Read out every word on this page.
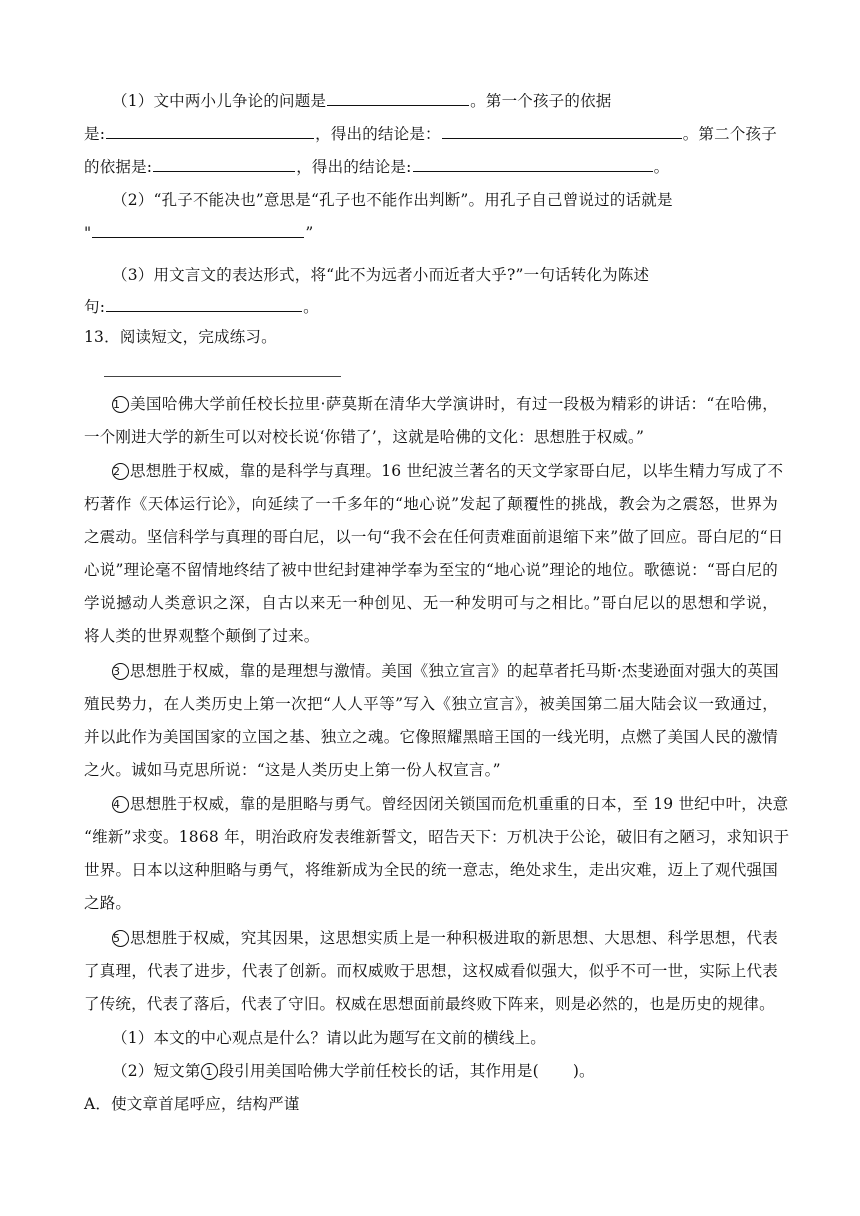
（1）文中两小儿争论的问题是	。第一个孩子的依据
是:	，得出的结论是：	。第二个孩子
的依据是:	，得出的结论是:	。
（2）“孔子不能决也”意思是“孔子也不能作出判断”。用孔子自己曾说过的话就是
"	”
（3）用文言文的表达形式，将“此不为远者小而近者大乎?”一句话转化为陈述
句:	。
13．阅读短文，完成练习。
1 美国哈佛大学前任校长拉里·萨莫斯在清华大学演讲时，有过一段极为精彩的讲话：“在哈佛，
一个刚进大学的新生可以对校长说‘你错了’，这就是哈佛的文化：思想胜于权威。”
2 思想胜于权威，靠的是科学与真理。16 世纪波兰著名的天文学家哥白尼，以毕生精力写成了不
朽著作《天体运行论》，向延续了一千多年的“地心说”发起了颠覆性的挑战，教会为之震怒，世界为
之震动。坚信科学与真理的哥白尼，以一句“我不会在任何责难面前退缩下来”做了回应。哥白尼的“日
心说”理论毫不留情地终结了被中世纪封建神学奉为至宝的“地心说”理论的地位。歌德说：“哥白尼的
学说撼动人类意识之深，自古以来无一种创见、无一种发明可与之相比。”哥白尼以的思想和学说，
将人类的世界观整个颠倒了过来。
3 思想胜于权威，靠的是理想与激情。美国《独立宣言》的起草者托马斯·杰斐逊面对强大的英国
殖民势力，在人类历史上第一次把“人人平等”写入《独立宣言》，被美国第二届大陆会议一致通过，
并以此作为美国国家的立国之基、独立之魂。它像照耀黑暗王国的一线光明，点燃了美国人民的激情
之火。诚如马克思所说：“这是人类历史上第一份人权宣言。”
4 思想胜于权威，靠的是胆略与勇气。曾经因闭关锁国而危机重重的日本，至 19 世纪中叶，决意
“维新”求变。1868 年，明治政府发表维新誓文，昭告天下：万机决于公论，破旧有之陋习，求知识于
世界。日本以这种胆略与勇气，将维新成为全民的统一意志，绝处求生，走出灾难，迈上了观代强国
之路。
5 思想胜于权威，究其因果，这思想实质上是一种积极进取的新思想、大思想、科学思想，代表
了真理，代表了进步，代表了创新。而权威败于思想，这权威看似强大，似乎不可一世，实际上代表
了传统，代表了落后，代表了守旧。权威在思想面前最终败下阵来，则是必然的，也是历史的规律。
（1）本文的中心观点是什么？请以此为题写在文前的横线上。
（2）短文第 1 段引用美国哈佛大学前任校长的话，其作用是( )。
A．使文章首尾呼应，结构严谨
